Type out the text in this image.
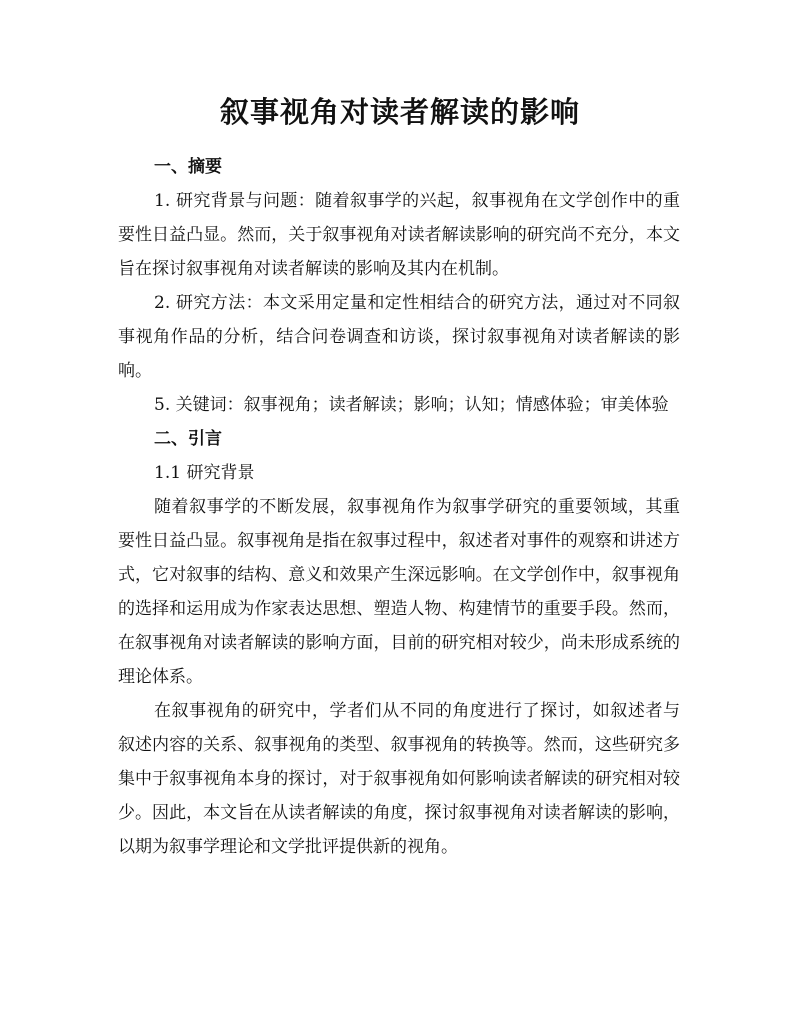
叙事视角对读者解读的影响

一、摘要

1. 研究背景与问题：随着叙事学的兴起，叙事视角在文学创作中的重要性日益凸显。然而，关于叙事视角对读者解读影响的研究尚不充分，本文旨在探讨叙事视角对读者解读的影响及其内在机制。

2. 研究方法：本文采用定量和定性相结合的研究方法，通过对不同叙事视角作品的分析，结合问卷调查和访谈，探讨叙事视角对读者解读的影响。

5. 关键词：叙事视角；读者解读；影响；认知；情感体验；审美体验

二、引言

1.1 研究背景

随着叙事学的不断发展，叙事视角作为叙事学研究的重要领域，其重要性日益凸显。叙事视角是指在叙事过程中，叙述者对事件的观察和讲述方式，它对叙事的结构、意义和效果产生深远影响。在文学创作中，叙事视角的选择和运用成为作家表达思想、塑造人物、构建情节的重要手段。然而，在叙事视角对读者解读的影响方面，目前的研究相对较少，尚未形成系统的理论体系。

在叙事视角的研究中，学者们从不同的角度进行了探讨，如叙述者与叙述内容的关系、叙事视角的类型、叙事视角的转换等。然而，这些研究多集中于叙事视角本身的探讨，对于叙事视角如何影响读者解读的研究相对较少。因此，本文旨在从读者解读的角度，探讨叙事视角对读者解读的影响，以期为叙事学理论和文学批评提供新的视角。
